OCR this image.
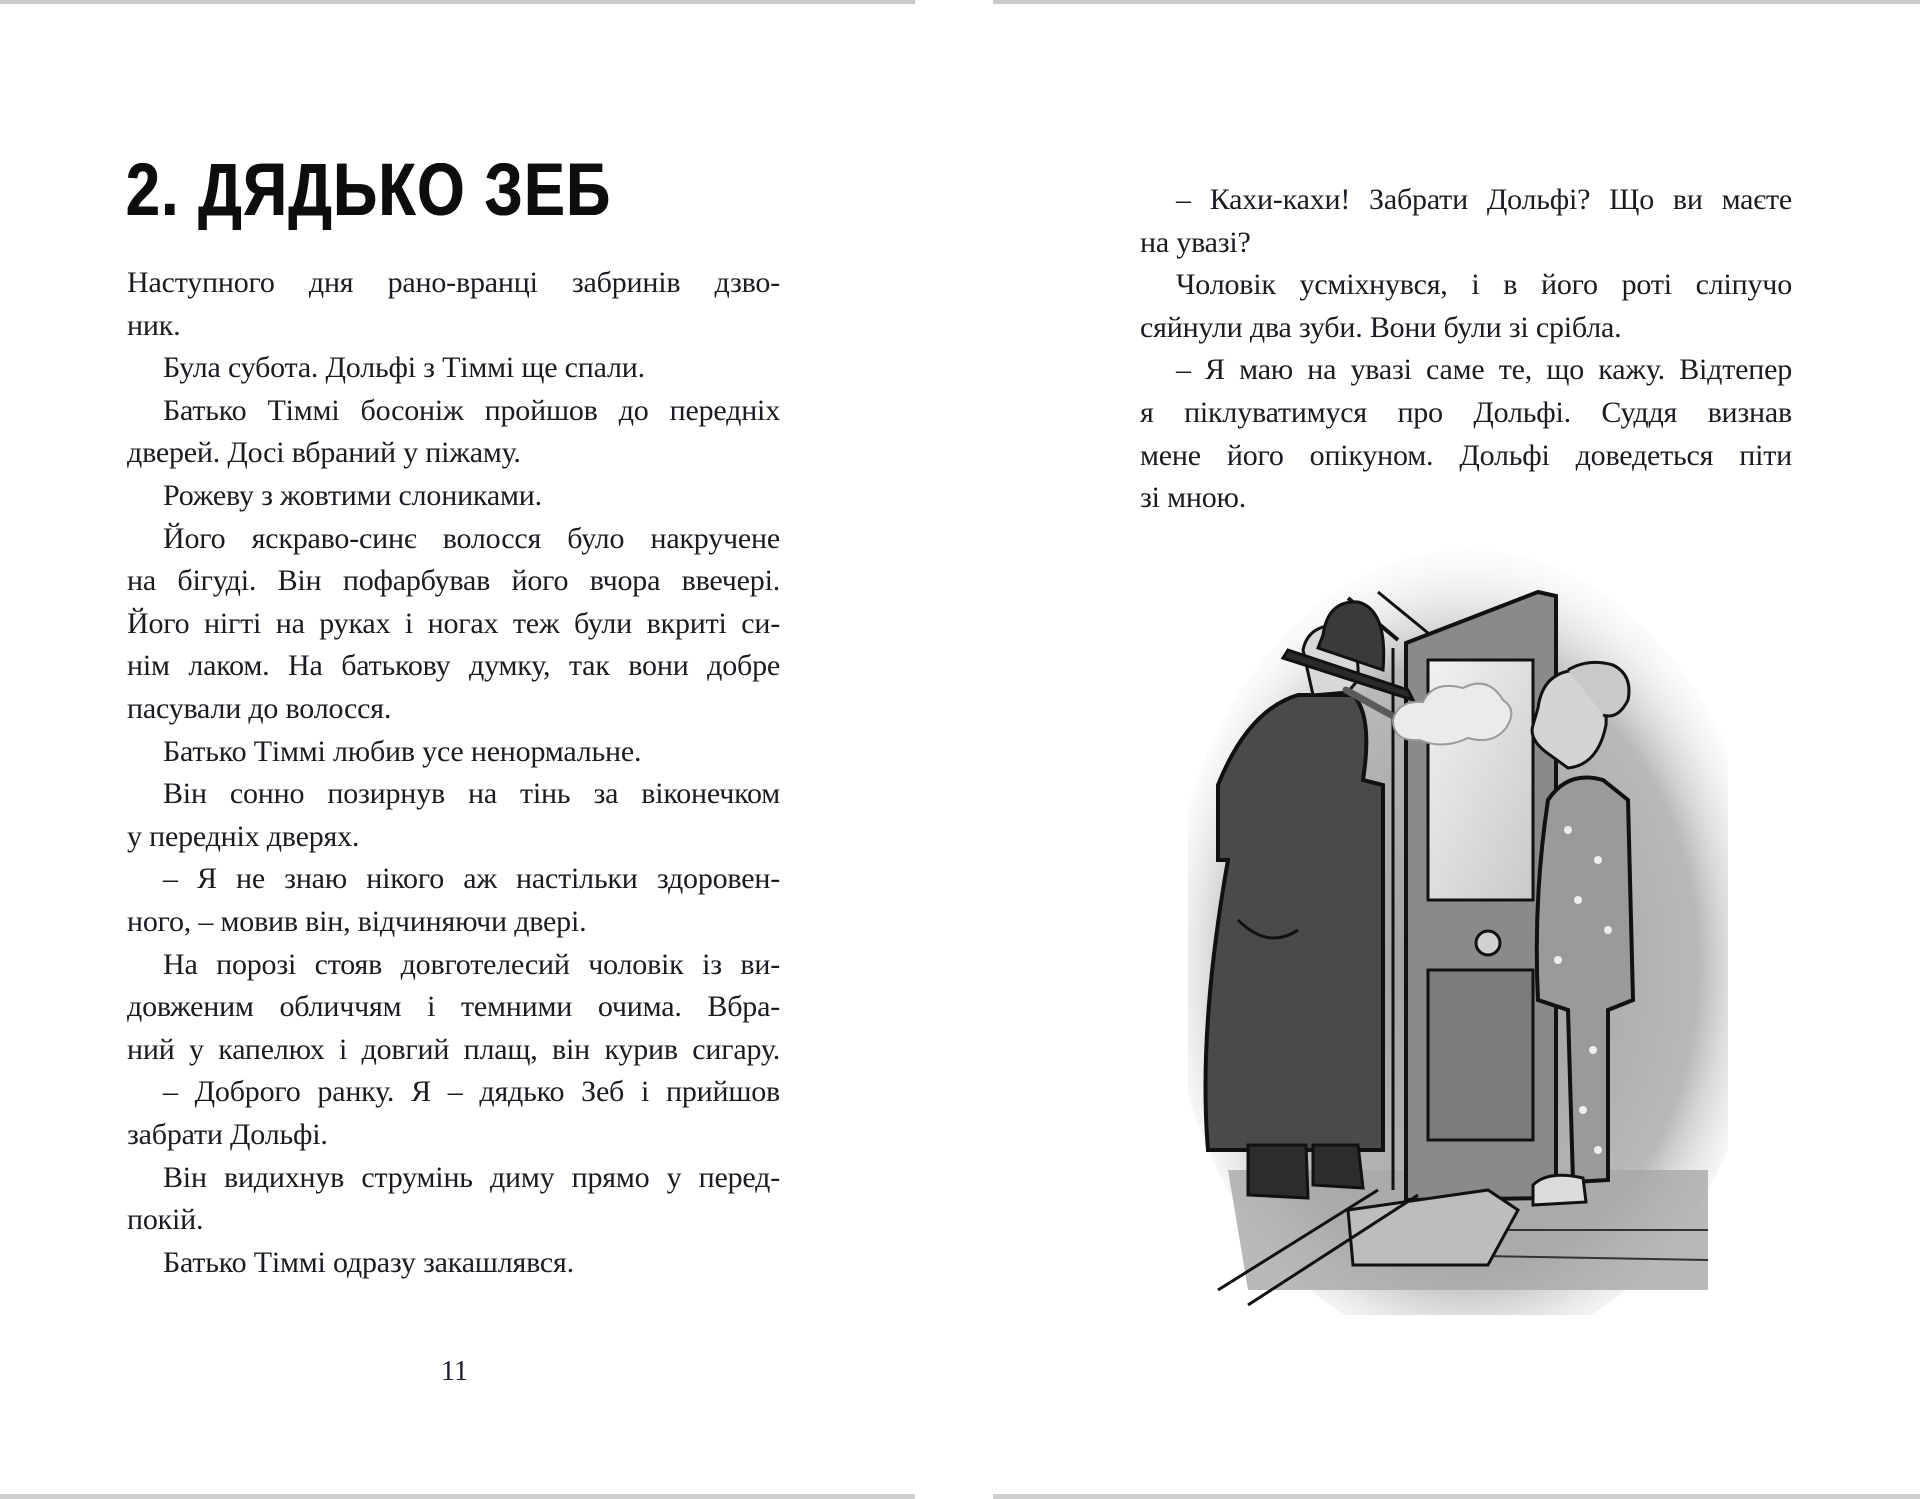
2. ДЯДЬКО ЗЕБ
Наступного дня рано-вранці забринів дзво-
ник.
Була субота. Дольфі з Тіммі ще спали.
Батько Тіммі босоніж пройшов до передніх
дверей. Досі вбраний у піжаму.
Рожеву з жовтими слониками.
Його яскраво-синє волосся було накручене
на бігуді. Він пофарбував його вчора ввечері.
Його нігті на руках і ногах теж були вкриті си-
нім лаком. На батькову думку, так вони добре
пасували до волосся.
Батько Тіммі любив усе ненормальне.
Він сонно позирнув на тінь за віконечком
у передніх дверях.
– Я не знаю нікого аж настільки здоровен-
ного, – мовив він, відчиняючи двері.
На порозі стояв довготелесий чоловік із ви-
довженим обличчям і темними очима. Вбра-
ний у капелюх і довгий плащ, він курив сигару.
– Доброго ранку. Я – дядько Зеб і прийшов
забрати Дольфі.
Він видихнув струмінь диму прямо у перед-
покій.
Батько Тіммі одразу закашлявся.
11
– Кахи-кахи! Забрати Дольфі? Що ви маєте
на увазі?
Чоловік усміхнувся, і в його роті сліпучо
сяйнули два зуби. Вони були зі срібла.
– Я маю на увазі саме те, що кажу. Відтепер
я піклуватимуся про Дольфі. Суддя визнав
мене його опікуном. Дольфі доведеться піти
зі мною.
